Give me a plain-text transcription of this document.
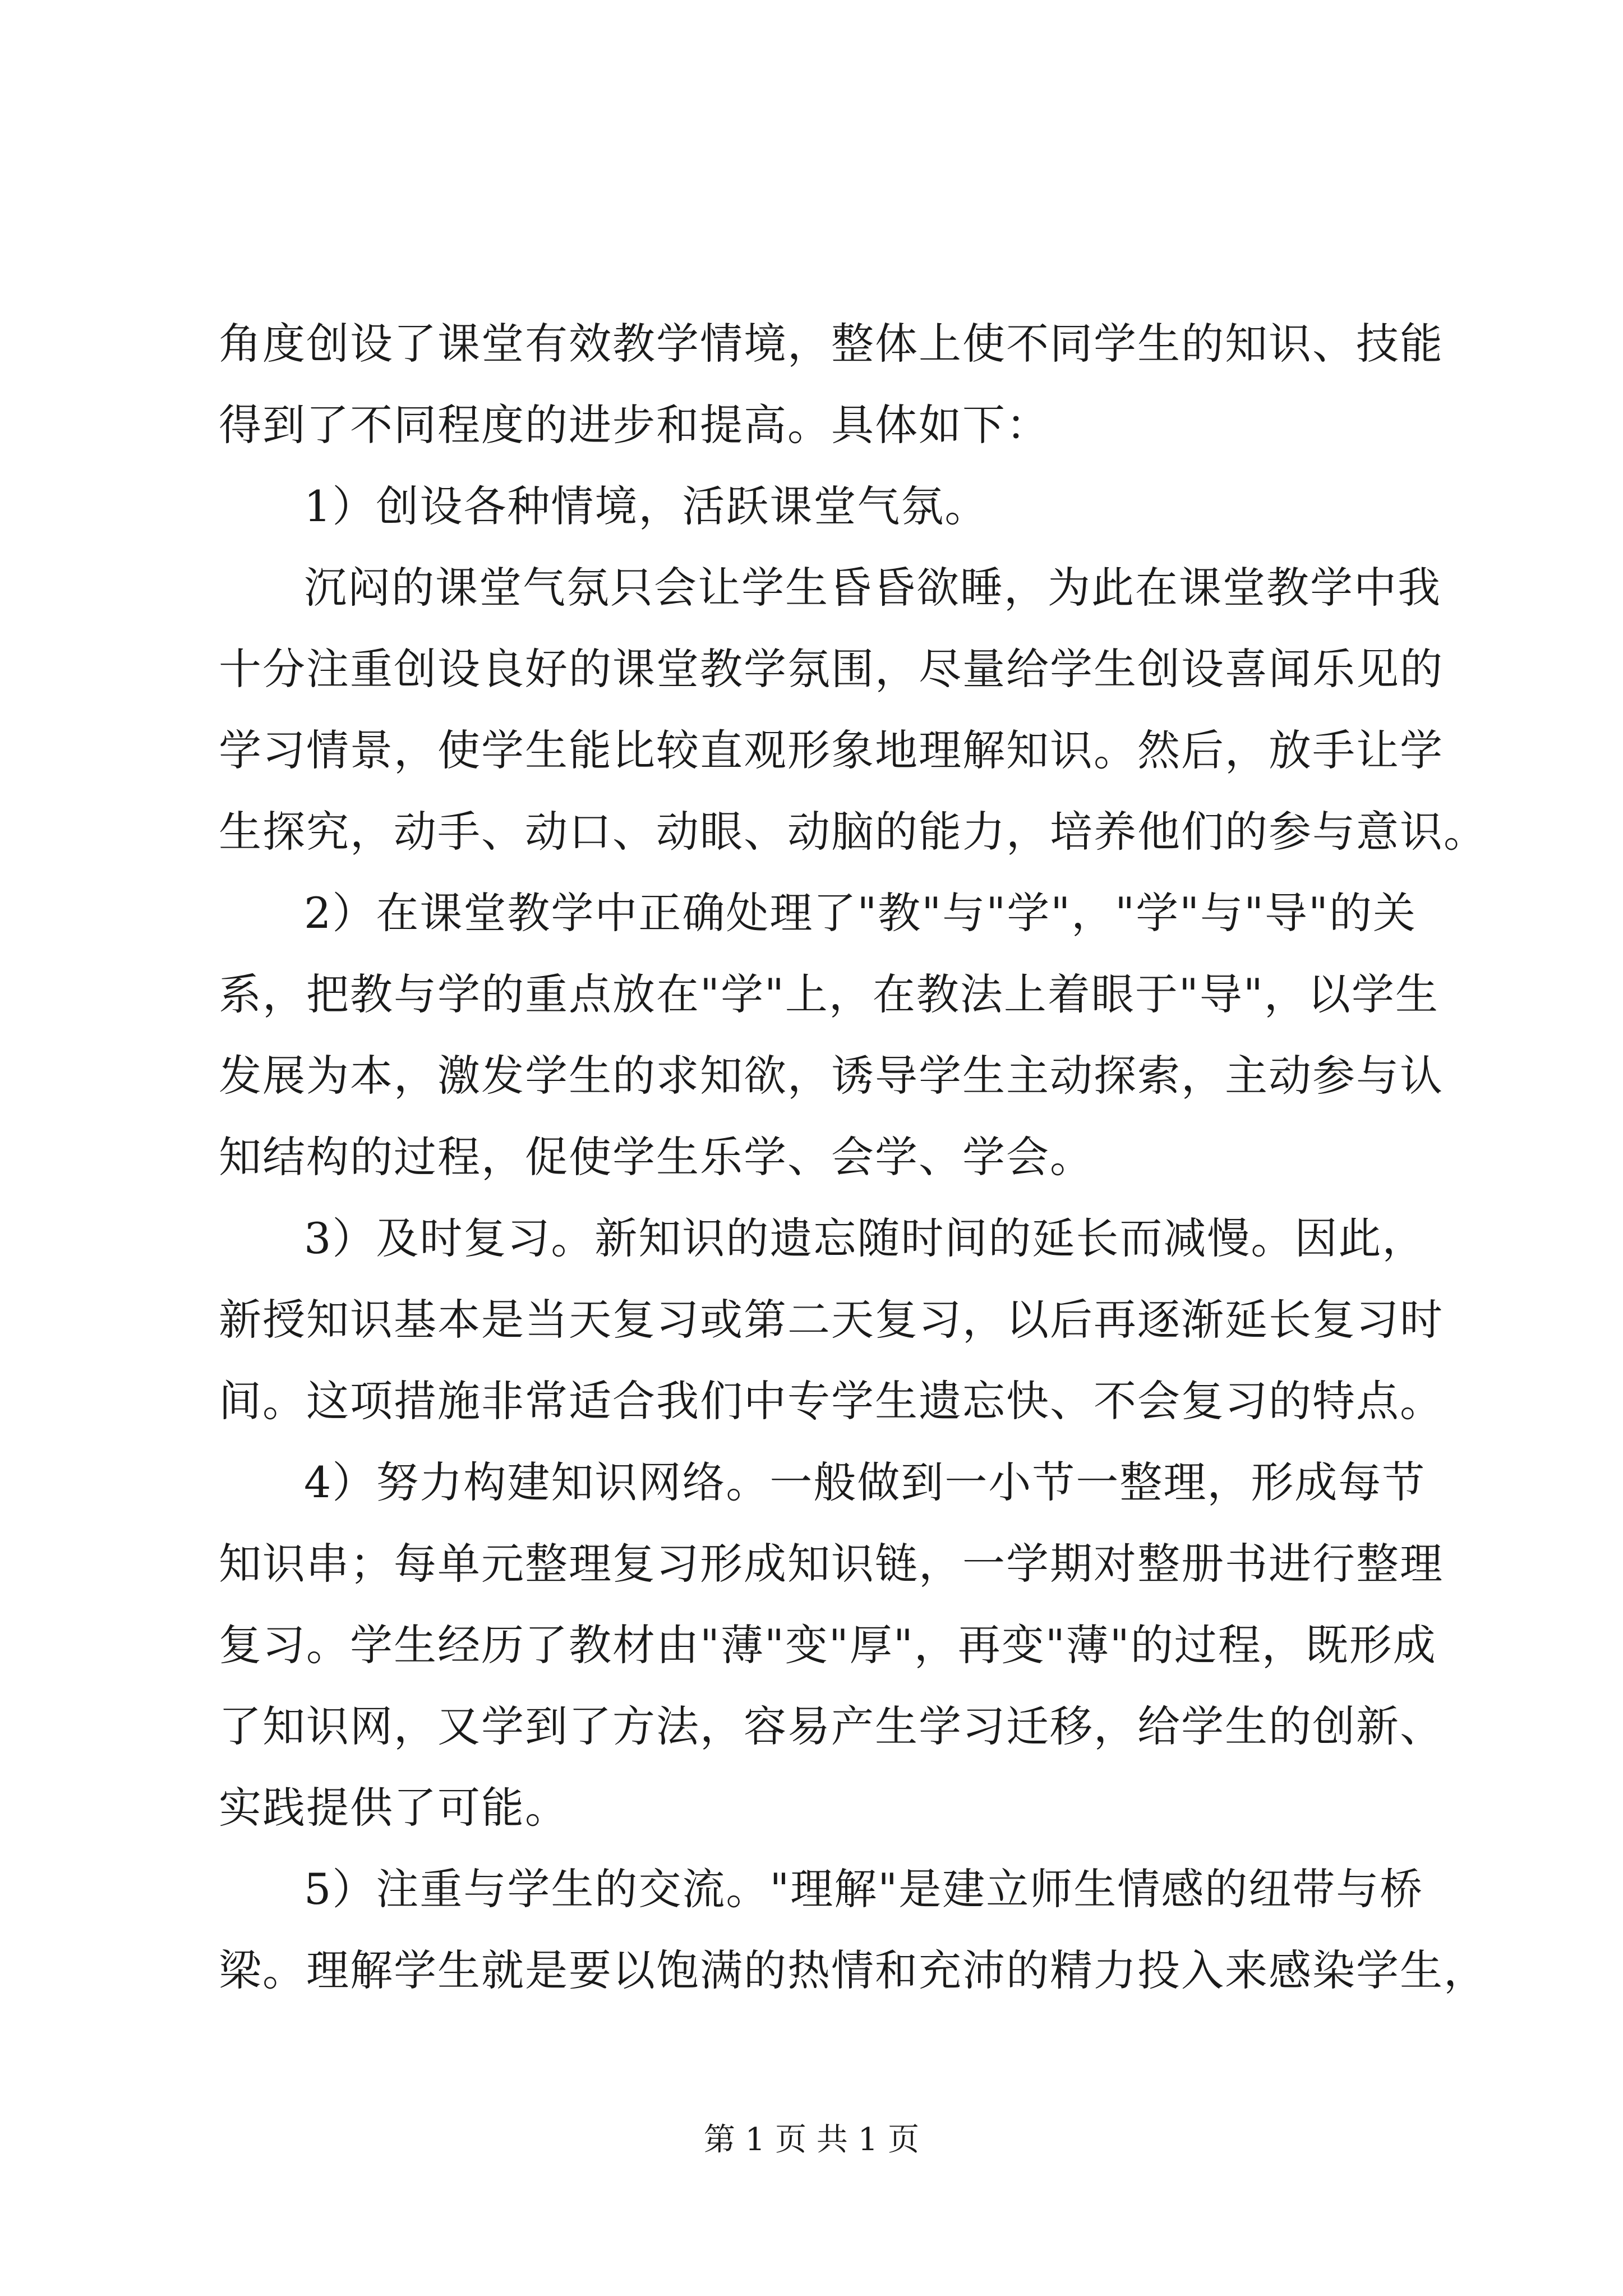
角度创设了课堂有效教学情境，整体上使不同学生的知识、技能
得到了不同程度的进步和提高。具体如下：
1）创设各种情境，活跃课堂气氛。
沉闷的课堂气氛只会让学生昏昏欲睡，为此在课堂教学中我
十分注重创设良好的课堂教学氛围，尽量给学生创设喜闻乐见的
学习情景，使学生能比较直观形象地理解知识。然后，放手让学
生探究，动手、动口、动眼、动脑的能力，培养他们的参与意识。
2）在课堂教学中正确处理了"教"与"学"，"学"与"导"的关
系，把教与学的重点放在"学"上，在教法上着眼于"导"，以学生
发展为本，激发学生的求知欲，诱导学生主动探索，主动参与认
知结构的过程，促使学生乐学、会学、学会。
3）及时复习。新知识的遗忘随时间的延长而减慢。因此，
新授知识基本是当天复习或第二天复习，以后再逐渐延长复习时
间。这项措施非常适合我们中专学生遗忘快、不会复习的特点。
4）努力构建知识网络。一般做到一小节一整理，形成每节
知识串；每单元整理复习形成知识链，一学期对整册书进行整理
复习。学生经历了教材由"薄"变"厚"，再变"薄"的过程，既形成
了知识网，又学到了方法，容易产生学习迁移，给学生的创新、
实践提供了可能。
5）注重与学生的交流。"理解"是建立师生情感的纽带与桥
梁。理解学生就是要以饱满的热情和充沛的精力投入来感染学生，
第 1 页 共 1 页
